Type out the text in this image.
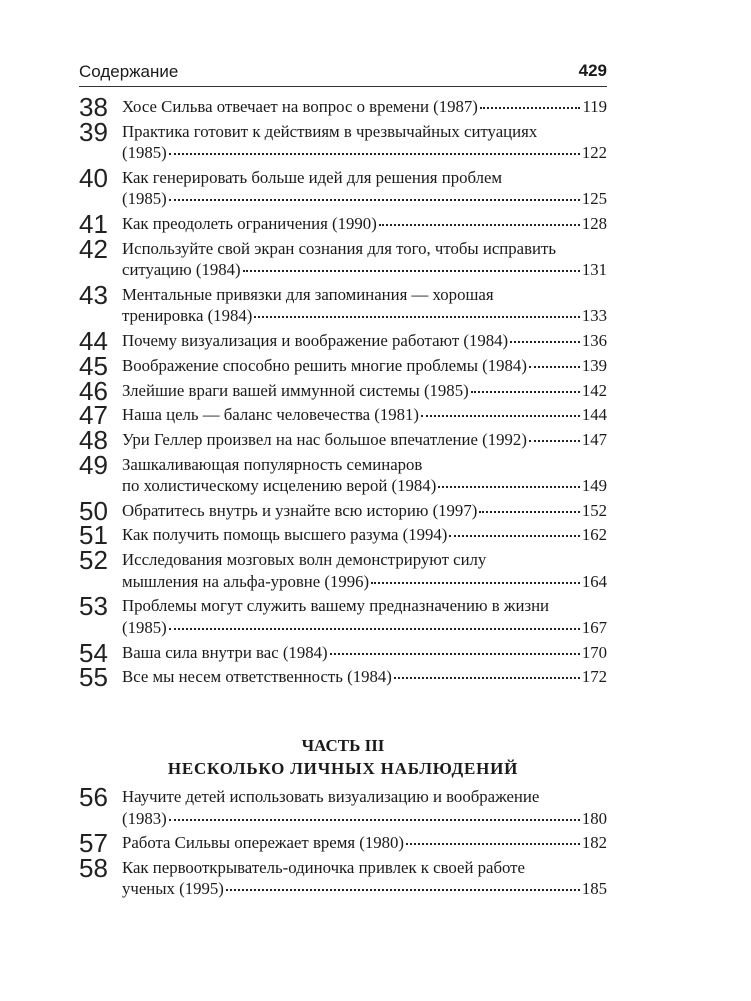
Содержание	429
38 Хосе Сильва отвечает на вопрос о времени (1987)	119
39 Практика готовит к действиям в чрезвычайных ситуациях
(1985)	122
40 Как генерировать больше идей для решения проблем
(1985)	125
41 Как преодолеть ограничения (1990)	128
42 Используйте свой экран сознания для того, чтобы исправить
ситуацию (1984)	131
43 Ментальные привязки для запоминания — хорошая
тренировка (1984)	133
44 Почему визуализация и воображение работают (1984)	136
45 Воображение способно решить многие проблемы (1984)	139
46 Злейшие враги вашей иммунной системы (1985)	142
47 Наша цель — баланс человечества (1981)	144
48 Ури Геллер произвел на нас большое впечатление (1992)	147
49 Зашкаливающая популярность семинаров
по холистическому исцелению верой (1984)	149
50 Обратитесь внутрь и узнайте всю историю (1997)	152
51 Как получить помощь высшего разума (1994)	162
52 Исследования мозговых волн демонстрируют силу
мышления на альфа-уровне (1996)	164
53 Проблемы могут служить вашему предназначению в жизни
(1985)	167
54 Ваша сила внутри вас (1984)	170
55 Все мы несем ответственность (1984)	172
ЧАСТЬ III
НЕСКОЛЬКО ЛИЧНЫХ НАБЛЮДЕНИЙ
56 Научите детей использовать визуализацию и воображение
(1983)	180
57 Работа Сильвы опережает время (1980)	182
58 Как первооткрыватель-одиночка привлек к своей работе
ученых (1995)	185
